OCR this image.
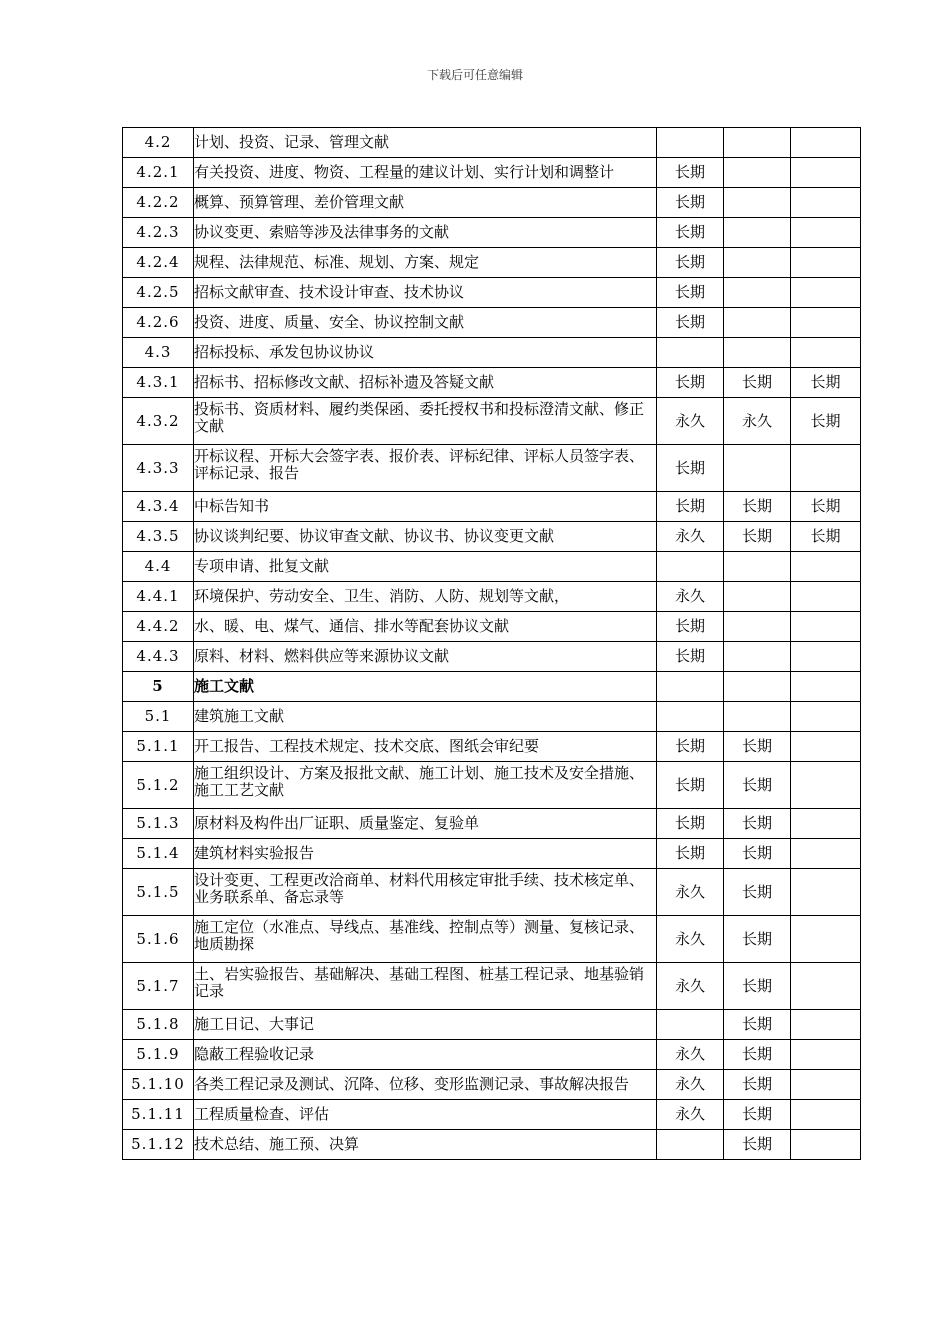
下载后可任意编辑
4.2	计划、投资、记录、管理文献			

4.2.1	有关投资、进度、物资、工程量的建议计划、实行计划和调整计	长期		
4.2.2	概算、预算管理、差价管理文献	长期		
4.2.3	协议变更、索赔等涉及法律事务的文献	长期		
4.2.4	规程、法律规范、标准、规划、方案、规定	长期		
4.2.5	招标文献审查、技术设计审查、技术协议	长期		
4.2.6	投资、进度、质量、安全、协议控制文献	长期		
4.3	招标投标、承发包协议协议			

4.3.1	招标书、招标修改文献、招标补遗及答疑文献	长期	长期	长期
4.3.2	投标书、资质材料、履约类保函、委托授权书和投标澄清文献、修正文献	永久	永久	长期
4.3.3	开标议程、开标大会签字表、报价表、评标纪律、评标人员签字表、评标记录、报告	长期		
4.3.4	中标告知书	长期	长期	长期
4.3.5	协议谈判纪要、协议审查文献、协议书、协议变更文献	永久	长期	长期
4.4	专项申请、批复文献			

4.4.1	环境保护、劳动安全、卫生、消防、人防、规划等文献，	永久		
4.4.2	水、暖、电、煤气、通信、排水等配套协议文献	长期		
4.4.3	原料、材料、燃料供应等来源协议文献	长期		
5	施工文献			

5.1	建筑施工文献			

5.1.1	开工报告、工程技术规定、技术交底、图纸会审纪要	长期	长期	
5.1.2	施工组织设计、方案及报批文献、施工计划、施工技术及安全措施、施工工艺文献	长期	长期	
5.1.3	原材料及构件出厂证职、质量鉴定、复验单	长期	长期	
5.1.4	建筑材料实验报告	长期	长期	
5.1.5	设计变更、工程更改洽商单、材料代用核定审批手续、技术核定单、业务联系单、备忘录等	永久	长期	
5.1.6	施工定位（水准点、导线点、基准线、控制点等）测量、复核记录、地质勘探	永久	长期	
5.1.7	土、岩实验报告、基础解决、基础工程图、桩基工程记录、地基验销记录	永久	长期	
5.1.8	施工日记、大事记		长期	
5.1.9	隐蔽工程验收记录	永久	长期	
5.1.10	各类工程记录及测试、沉降、位移、变形监测记录、事故解决报告	永久	长期	
5.1.11	工程质量检查、评估	永久	长期	
5.1.12	技术总结、施工预、决算		长期	
